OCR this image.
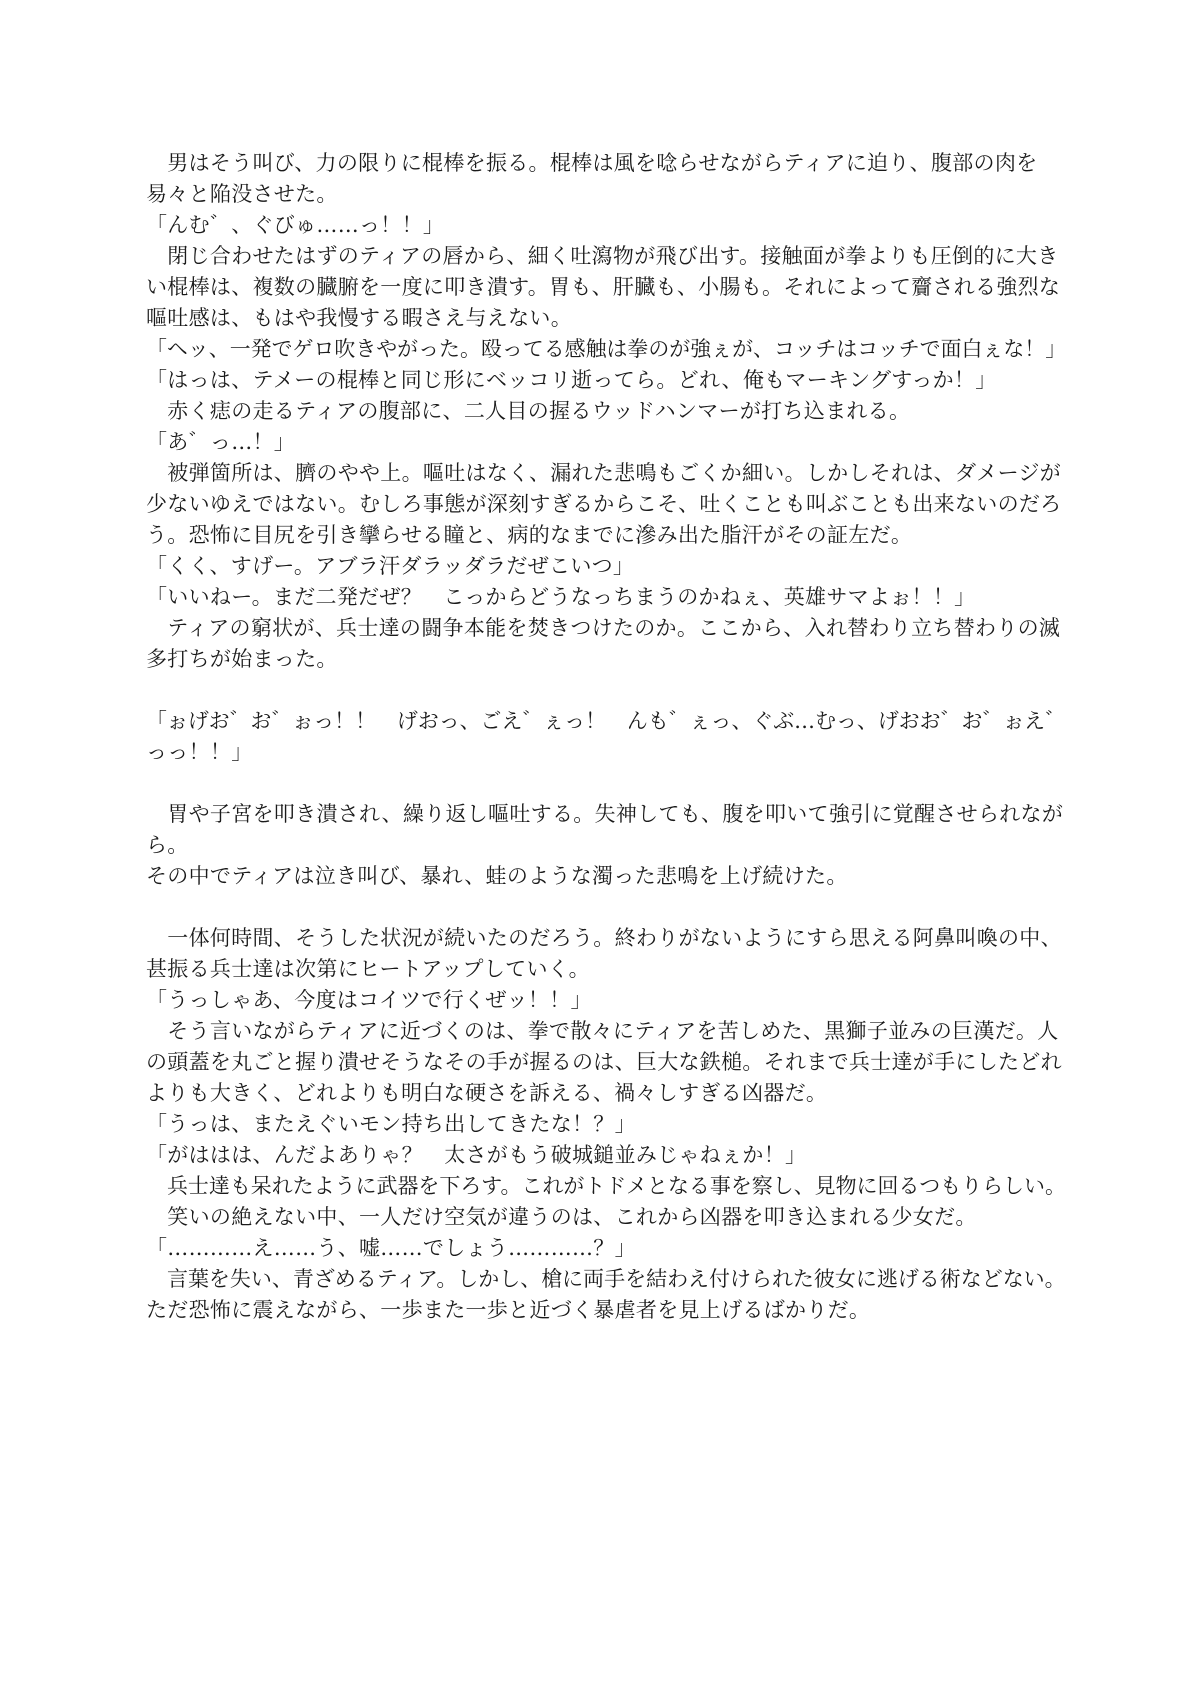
　男はそう叫び、力の限りに棍棒を振る。棍棒は風を唸らせながらティアに迫り、腹部の肉を
易々と陥没させた。
「んむ゛、ぐびゅ……っ！！」
　閉じ合わせたはずのティアの唇から、細く吐瀉物が飛び出す。接触面が拳よりも圧倒的に大き
い棍棒は、複数の臓腑を一度に叩き潰す。胃も、肝臓も、小腸も。それによって齎される強烈な
嘔吐感は、もはや我慢する暇さえ与えない。
「ヘッ、一発でゲロ吹きやがった。殴ってる感触は拳のが強ぇが、コッチはコッチで面白ぇな！」
「はっは、テメーの棍棒と同じ形にベッコリ逝ってら。どれ、俺もマーキングすっか！」
　赤く痣の走るティアの腹部に、二人目の握るウッドハンマーが打ち込まれる。
「あ゛っ…！」
　被弾箇所は、臍のやや上。嘔吐はなく、漏れた悲鳴もごくか細い。しかしそれは、ダメージが
少ないゆえではない。むしろ事態が深刻すぎるからこそ、吐くことも叫ぶことも出来ないのだろ
う。恐怖に目尻を引き攣らせる瞳と、病的なまでに滲み出た脂汗がその証左だ。
「くく、すげー。アブラ汗ダラッダラだぜこいつ」
「いいねー。まだ二発だぜ？　こっからどうなっちまうのかねぇ、英雄サマよぉ！！」
　ティアの窮状が、兵士達の闘争本能を焚きつけたのか。ここから、入れ替わり立ち替わりの滅
多打ちが始まった。
「ぉげお゛お゛ぉっ！！　げおっ、ごえ゛ぇっ！　んも゛ぇっ、ぐぶ…むっ、げおお゛お゛ぉえ゛
っっ！！」
　胃や子宮を叩き潰され、繰り返し嘔吐する。失神しても、腹を叩いて強引に覚醒させられなが
ら。
その中でティアは泣き叫び、暴れ、蛙のような濁った悲鳴を上げ続けた。
　一体何時間、そうした状況が続いたのだろう。終わりがないようにすら思える阿鼻叫喚の中、
甚振る兵士達は次第にヒートアップしていく。
「うっしゃあ、今度はコイツで行くぜッ！！」
　そう言いながらティアに近づくのは、拳で散々にティアを苦しめた、黒獅子並みの巨漢だ。人
の頭蓋を丸ごと握り潰せそうなその手が握るのは、巨大な鉄槌。それまで兵士達が手にしたどれ
よりも大きく、どれよりも明白な硬さを訴える、禍々しすぎる凶器だ。
「うっは、またえぐいモン持ち出してきたな！？」
「がははは、んだよありゃ？　太さがもう破城鎚並みじゃねぇか！」
　兵士達も呆れたように武器を下ろす。これがトドメとなる事を察し、見物に回るつもりらしい。
　笑いの絶えない中、一人だけ空気が違うのは、これから凶器を叩き込まれる少女だ。
「…………え……う、嘘……でしょう…………？」
　言葉を失い、青ざめるティア。しかし、槍に両手を結わえ付けられた彼女に逃げる術などない。
ただ恐怖に震えながら、一歩また一歩と近づく暴虐者を見上げるばかりだ。
